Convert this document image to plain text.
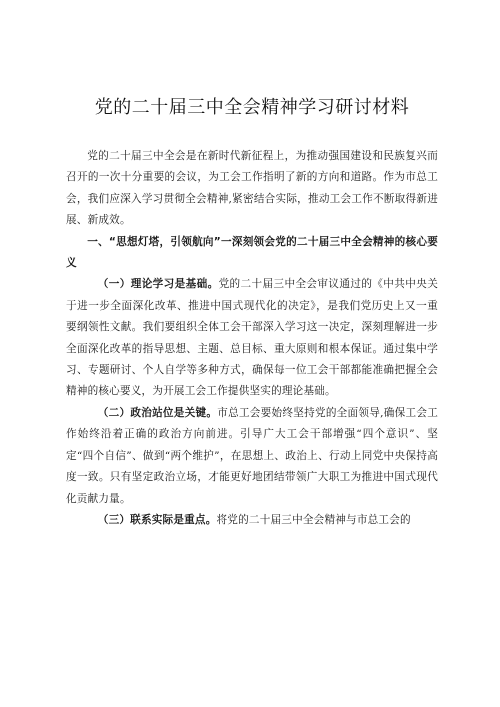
党的二十届三中全会精神学习研讨材料

党的二十届三中全会是在新时代新征程上，为推动强国建设和民族复兴而召开的一次十分重要的会议，为工会工作指明了新的方向和道路。作为市总工会，我们应深入学习贯彻全会精神,紧密结合实际，推动工会工作不断取得新进展、新成效。

一、“思想灯塔，引领航向”一深刻领会党的二十届三中全会精神的核心要义

（一）理论学习是基础。党的二十届三中全会审议通过的《中共中央关于进一步全面深化改革、推进中国式现代化的决定》，是我们党历史上又一重要纲领性文献。我们要组织全体工会干部深入学习这一决定，深刻理解进一步全面深化改革的指导思想、主题、总目标、重大原则和根本保证。通过集中学习、专题研讨、个人自学等多种方式，确保每一位工会干部都能准确把握全会精神的核心要义，为开展工会工作提供坚实的理论基础。

（二）政治站位是关键。市总工会要始终坚持党的全面领导,确保工会工作始终沿着正确的政治方向前进。引导广大工会干部增强“四个意识”、坚定“四个自信”、做到“两个维护”，在思想上、政治上、行动上同党中央保持高度一致。只有坚定政治立场，才能更好地团结带领广大职工为推进中国式现代化贡献力量。

（三）联系实际是重点。将党的二十届三中全会精神与市总工会的
